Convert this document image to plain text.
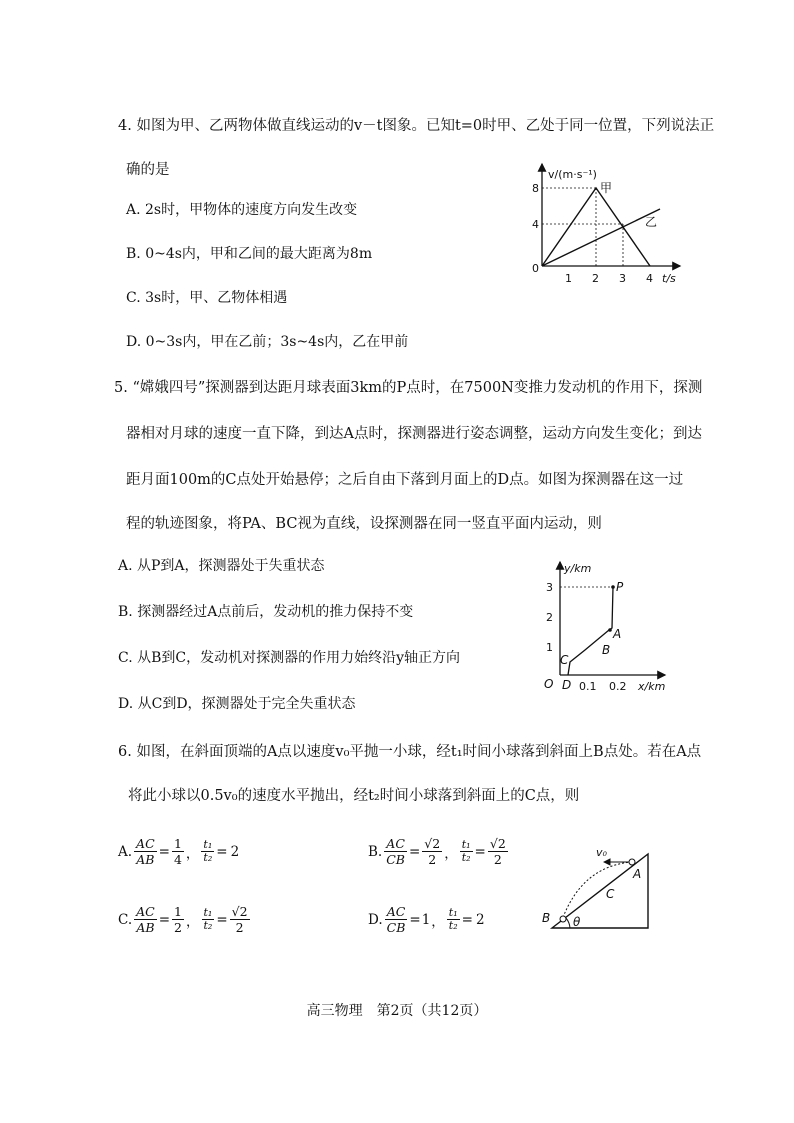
4. 如图为甲、乙两物体做直线运动的v－t图象。已知t=0时甲、乙处于同一位置，下列说法正
确的是
A. 2s时，甲物体的速度方向发生改变
B. 0~4s内，甲和乙间的最大距离为8m
C. 3s时，甲、乙物体相遇
D. 0~3s内，甲在乙前；3s~4s内，乙在甲前
v/(m·s⁻¹)
t/s
0
8
4
1 2 3 4
甲
乙
5. “嫦娥四号”探测器到达距月球表面3km的P点时，在7500N变推力发动机的作用下，探测
器相对月球的速度一直下降，到达A点时，探测器进行姿态调整，运动方向发生变化；到达
距月面100m的C点处开始悬停；之后自由下落到月面上的D点。如图为探测器在这一过
程的轨迹图象，将PA、BC视为直线，设探测器在同一竖直平面内运动，则
A. 从P到A，探测器处于失重状态
B. 探测器经过A点前后，发动机的推力保持不变
C. 从B到C，发动机对探测器的作用力始终沿y轴正方向
D. 从C到D，探测器处于完全失重状态
y/km
x/km
O
3
2
1
0.1 0.2
P
A
B
C
D
6. 如图，在斜面顶端的A点以速度v₀平抛一小球，经t₁时间小球落到斜面上B点处。若在A点
将此小球以0.5v₀的速度水平抛出，经t₂时间小球落到斜面上的C点，则
A. $\frac{AC}{AB} = \frac{1}{4}$ ， $\frac{\text{t₁}}{\text{t₂}} = 2$	B. $\frac{AC}{CB} = \frac{√2}{2}$ ， $\frac{\text{t₁}}{\text{t₂}} = \frac{√2}{2}$
C. $\frac{AC}{AB} = \frac{1}{2}$ ， $\frac{\text{t₁}}{\text{t₂}} = \frac{√2}{2}$	D. $\frac{AC}{CB} = 1$ ， $\frac{\text{t₁}}{\text{t₂}} = 2$
v₀
A
C
B θ
高三物理　第2页（共12页）
